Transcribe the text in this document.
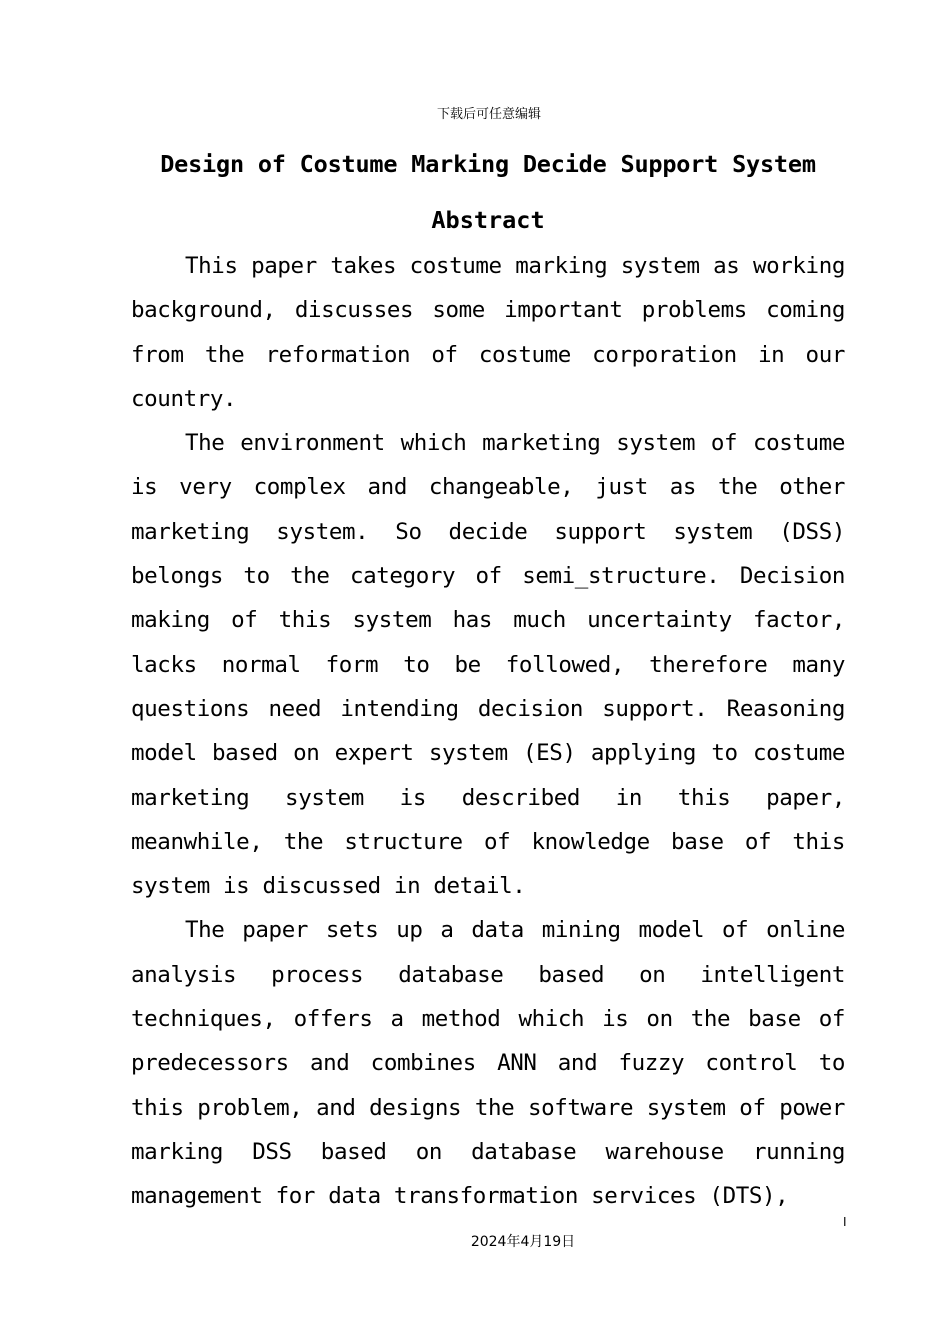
下载后可任意编辑
Design of Costume Marking Decide Support System
Abstract

This paper takes costume marking system as working background, discusses some important problems coming from the reformation of costume corporation in our country.

The environment which marketing system of costume is very complex and changeable, just as the other marketing system. So decide support system (DSS) belongs to the category of semi_structure. Decision making of this system has much uncertainty factor, lacks normal form to be followed, therefore many questions need intending decision support. Reasoning model based on expert system (ES) applying to costume marketing system is described in this paper, meanwhile, the structure of knowledge base of this system is discussed in detail.

The paper sets up a data mining model of online analysis process database based on intelligent techniques, offers a method which is on the base of predecessors and combines ANN and fuzzy control to this problem, and designs the software system of power marking DSS based on database warehouse running management for data transformation services (DTS),

I
2024年4月19日
